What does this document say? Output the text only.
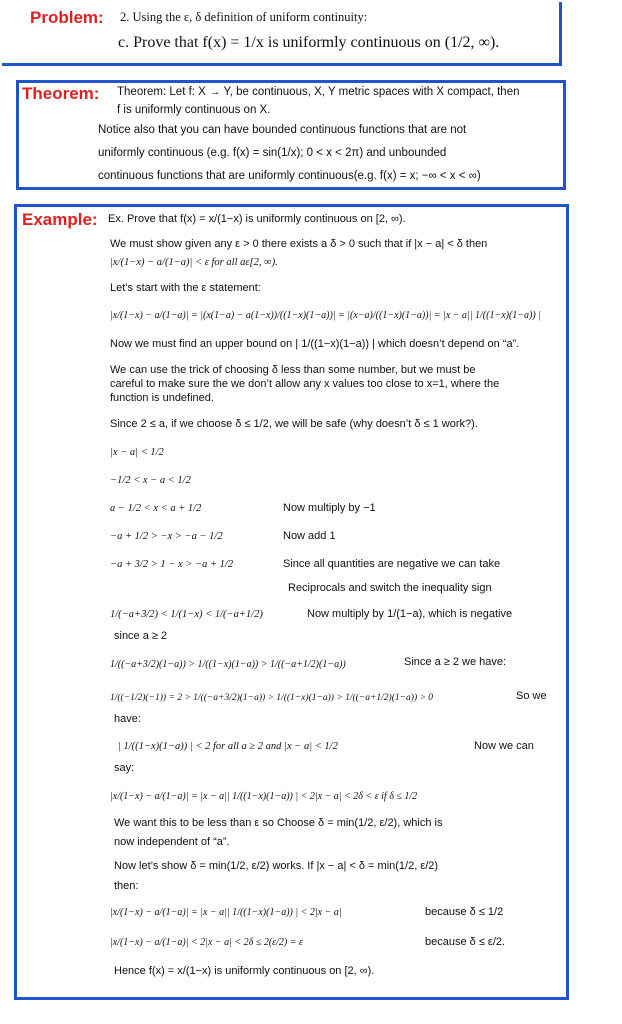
Problem: 2. Using the ε, δ definition of uniform continuity:
c. Prove that f(x) = 1/x is uniformly continuous on (1/2, ∞).
Theorem: Theorem: Let f: X → Y, be continuous, X, Y metric spaces with X compact, then
f is uniformly continuous on X.
Notice also that you can have bounded continuous functions that are not
uniformly continuous (e.g. f(x) = sin(1/x); 0 < x < 2π) and unbounded
continuous functions that are uniformly continuous(e.g. f(x) = x; −∞ < x < ∞)
Example: Ex. Prove that f(x) = x/(1−x) is uniformly continuous on [2, ∞).
We must show given any ε > 0 there exists a δ > 0 such that if |x − a| < δ then
|x/(1−x) − a/(1−a)| < ε for all aε[2, ∞).
Let’s start with the ε statement:
|x/(1−x) − a/(1−a)| = |(x(1−a) − a(1−x))/((1−x)(1−a))| = |(x−a)/((1−x)(1−a))| = |x − a|| 1/((1−x)(1−a)) |
Now we must find an upper bound on | 1/((1−x)(1−a)) | which doesn’t depend on “a”.
We can use the trick of choosing δ less than some number, but we must be
careful to make sure the we don’t allow any x values too close to x=1, where the
function is undefined.
Since 2 ≤ a, if we choose δ ≤ 1/2, we will be safe (why doesn’t δ ≤ 1 work?).
|x − a| < 1/2
−1/2 < x − a < 1/2
a − 1/2 < x < a + 1/2	Now multiply by −1
−a + 1/2 > −x > −a − 1/2	Now add 1
−a + 3/2 > 1 − x > −a + 1/2	Since all quantities are negative we can take
Reciprocals and switch the inequality sign
1/(−a+3/2) < 1/(1−x) < 1/(−a+1/2)	Now multiply by 1/(1−a), which is negative
since a ≥ 2
1/((−a+3/2)(1−a)) > 1/((1−x)(1−a)) > 1/((−a+1/2)(1−a))	Since a ≥ 2 we have:
1/((−1/2)(−1)) = 2 > 1/((−a+3/2)(1−a)) > 1/((1−x)(1−a)) > 1/((−a+1/2)(1−a)) > 0	So we
have:
| 1/((1−x)(1−a)) | < 2 for all a ≥ 2 and |x − a| < 1/2	Now we can
say:
|x/(1−x) − a/(1−a)| = |x − a|| 1/((1−x)(1−a)) | < 2|x − a| < 2δ < ε if δ ≤ 1/2
We want this to be less than ε so Choose δ = min(1/2, ε/2), which is
now independent of “a”.
Now let’s show δ = min(1/2, ε/2) works. If |x − a| < δ = min(1/2, ε/2)
then:
|x/(1−x) − a/(1−a)| = |x − a|| 1/((1−x)(1−a)) | < 2|x − a|	because δ ≤ 1/2
|x/(1−x) − a/(1−a)| < 2|x − a| < 2δ ≤ 2(ε/2) = ε	because δ ≤ ε/2.
Hence f(x) = x/(1−x) is uniformly continuous on [2, ∞).
